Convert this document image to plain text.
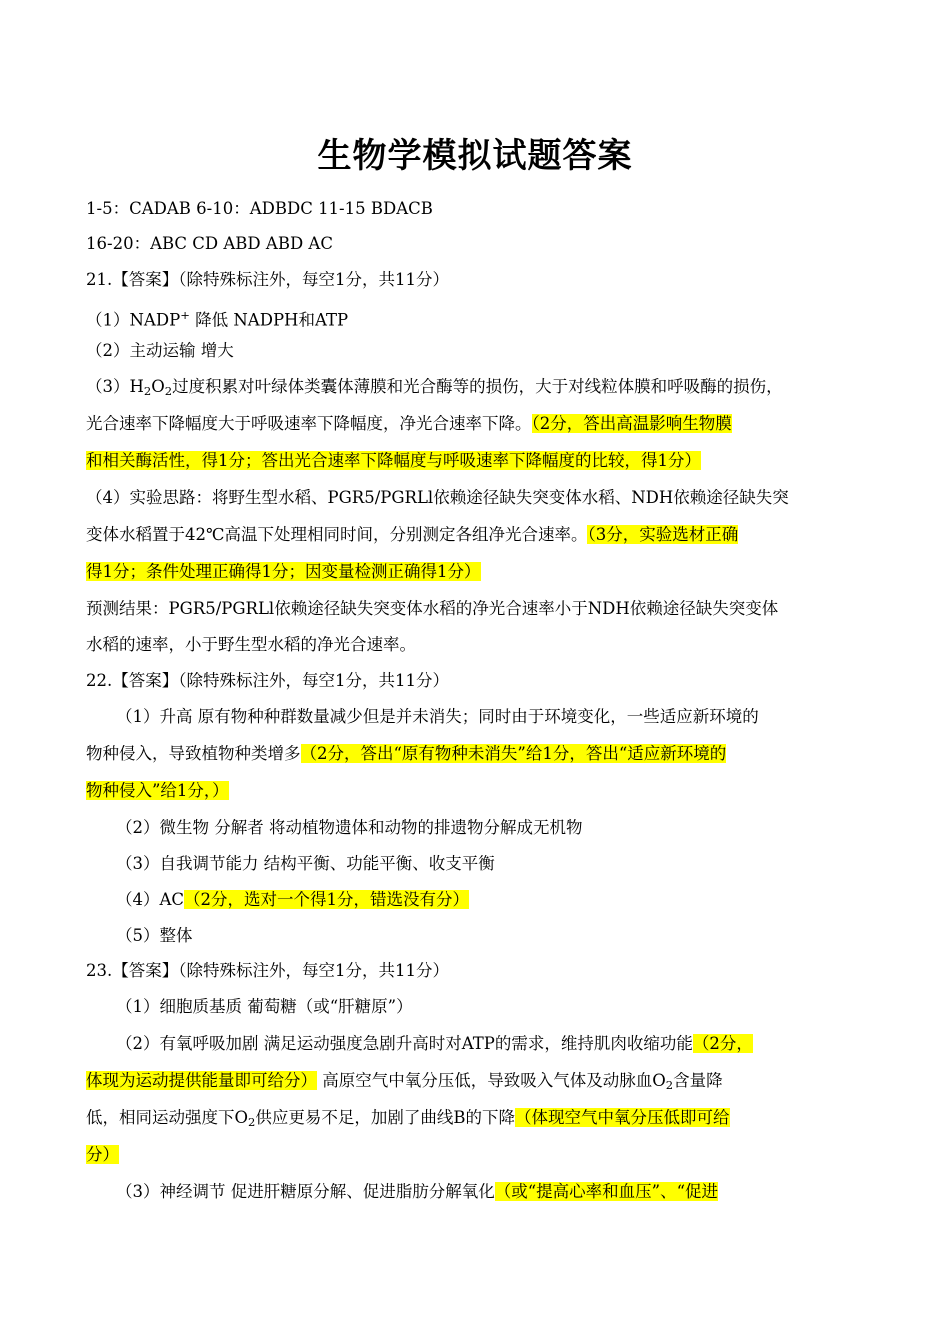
生物学模拟试题答案
1-5：CADAB 6-10：ADBDC 11-15 BDACB
16-20：ABC CD ABD ABD AC
21.【答案】（除特殊标注外，每空1分，共11分）
（1）NADP+ 降低 NADPH和ATP
（2）主动运输 增大
$(3)H_2O_2$过度积累对叶绿体类囊体薄膜和光合酶等的损伤，大于对线粒体膜和呼吸酶的损伤，
光合速率下降幅度大于呼吸速率下降幅度，净光合速率下降。（2分，答出高温影响生物膜
和相关酶活性，得1分；答出光合速率下降幅度与呼吸速率下降幅度的比较，得1分）
（4）实验思路：将野生型水稻、PGR5/PGRLl依赖途径缺失突变体水稻、NDH依赖途径缺失突
变体水稻置于42℃高温下处理相同时间，分别测定各组净光合速率。（3分，实验选材正确
得1分；条件处理正确得1分；因变量检测正确得1分）
预测结果：PGR5/PGRLl依赖途径缺失突变体水稻的净光合速率小于NDH依赖途径缺失突变体
水稻的速率，小于野生型水稻的净光合速率。
22.【答案】（除特殊标注外，每空1分，共11分）
（1）升高 原有物种种群数量减少但是并未消失；同时由于环境变化，一些适应新环境的
物种侵入，导致植物种类增多（2分，答出“原有物种未消失”给1分，答出“适应新环境的
物种侵入”给1分，）
（2）微生物 分解者 将动植物遗体和动物的排遗物分解成无机物
（3）自我调节能力 结构平衡、功能平衡、收支平衡
（4）AC（2分，选对一个得1分，错选没有分）
（5）整体
23.【答案】（除特殊标注外，每空1分，共11分）
（1）细胞质基质 葡萄糖（或“肝糖原”）
（2）有氧呼吸加剧 满足运动强度急剧升高时对ATP的需求，维持肌肉收缩功能（2分，
体现为运动提供能量即可给分） 高原空气中氧分压低，导致吸入气体及动脉血$O_2$含量降
低，相同运动强度下$O_2$供应更易不足，加剧了曲线B的下降（体现空气中氧分压低即可给
分）
（3）神经调节 促进肝糖原分解、促进脂肪分解氧化（或“提高心率和血压”、“促进
